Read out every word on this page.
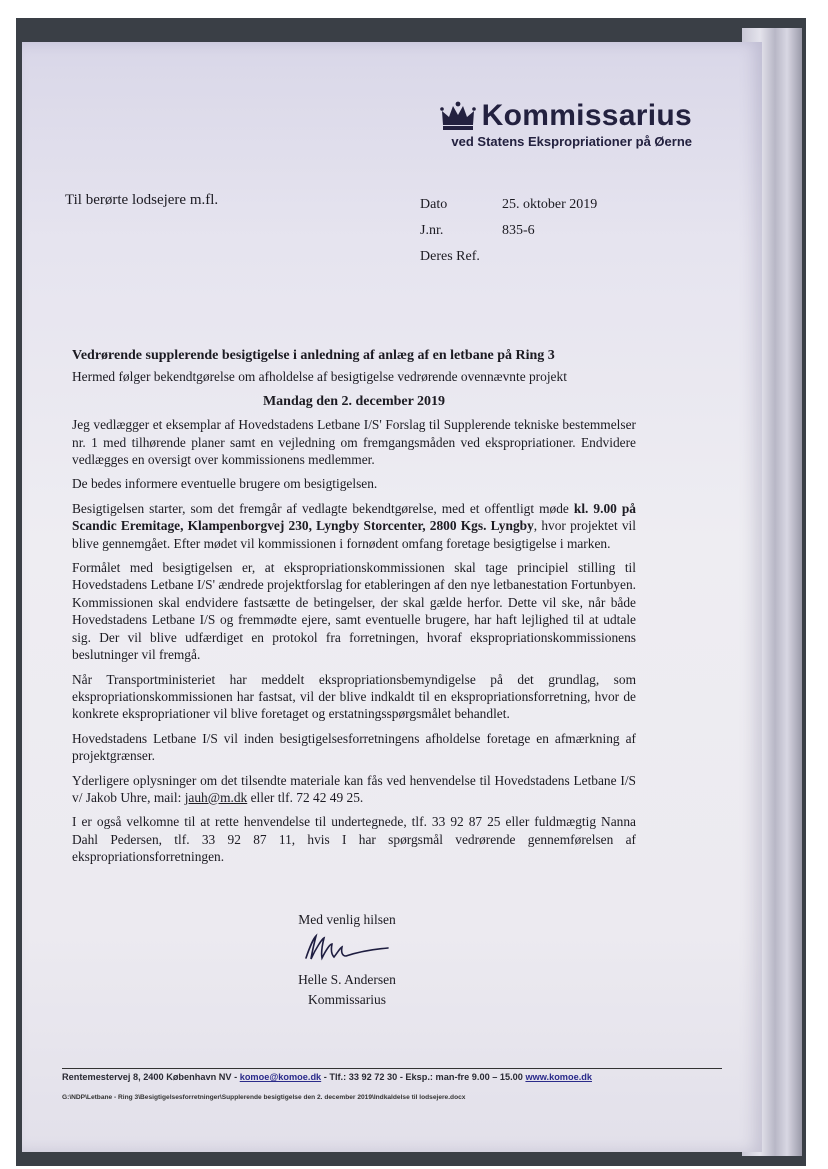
Kommissarius
ved Statens Ekspropriationer på Øerne
Til berørte lodsejere m.fl.	Dato	25. oktober 2019
J.nr.	835-6
Deres Ref.

Vedrørende supplerende besigtigelse i anledning af anlæg af en letbane på Ring 3

Hermed følger bekendtgørelse om afholdelse af besigtigelse vedrørende ovennævnte projekt

Mandag den 2. december 2019

Jeg vedlægger et eksemplar af Hovedstadens Letbane I/S' Forslag til Supplerende tekniske bestemmelser nr. 1 med tilhørende planer samt en vejledning om fremgangsmåden ved ekspropriationer. Endvidere vedlægges en oversigt over kommissionens medlemmer.

De bedes informere eventuelle brugere om besigtigelsen.

Besigtigelsen starter, som det fremgår af vedlagte bekendtgørelse, med et offentligt møde kl. 9.00 på Scandic Eremitage, Klampenborgvej 230, Lyngby Storcenter, 2800 Kgs. Lyngby, hvor projektet vil blive gennemgået. Efter mødet vil kommissionen i fornødent omfang foretage besigtigelse i marken.

Formålet med besigtigelsen er, at ekspropriationskommissionen skal tage principiel stilling til Hovedstadens Letbane I/S' ændrede projektforslag for etableringen af den nye letbanestation Fortunbyen. Kommissionen skal endvidere fastsætte de betingelser, der skal gælde herfor. Dette vil ske, når både Hovedstadens Letbane I/S og fremmødte ejere, samt eventuelle brugere, har haft lejlighed til at udtale sig. Der vil blive udfærdiget en protokol fra forretningen, hvoraf ekspropriationskommissionens beslutninger vil fremgå.

Når Transportministeriet har meddelt ekspropriationsbemyndigelse på det grundlag, som ekspropriationskommissionen har fastsat, vil der blive indkaldt til en ekspropriationsforretning, hvor de konkrete ekspropriationer vil blive foretaget og erstatningsspørgsmålet behandlet.

Hovedstadens Letbane I/S vil inden besigtigelsesforretningens afholdelse foretage en afmærkning af projektgrænser.

Yderligere oplysninger om det tilsendte materiale kan fås ved henvendelse til Hovedstadens Letbane I/S v/ Jakob Uhre, mail: jauh@m.dk eller tlf. 72 42 49 25.

I er også velkomne til at rette henvendelse til undertegnede, tlf. 33 92 87 25 eller fuldmægtig Nanna Dahl Pedersen, tlf. 33 92 87 11, hvis I har spørgsmål vedrørende gennemførelsen af ekspropriationsforretningen.

Med venlig hilsen
Helle S. Andersen
Kommissarius
Rentemestervej 8, 2400 København NV - komoe@komoe.dk - Tlf.: 33 92 72 30 - Eksp.: man-fre 9.00 – 15.00 www.komoe.dk
G:\NDP\Letbane - Ring 3\Besigtigelsesforretninger\Supplerende besigtigelse den 2. december 2019\Indkaldelse til lodsejere.docx
